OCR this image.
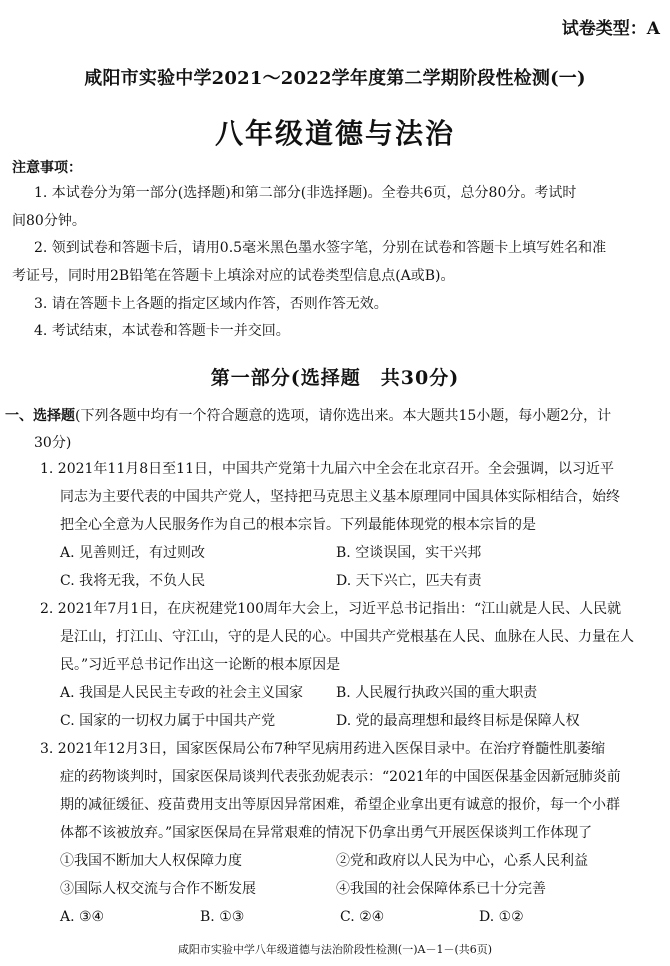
试卷类型：A
咸阳市实验中学2021～2022学年度第二学期阶段性检测(一)
八年级道德与法治
注意事项：
1. 本试卷分为第一部分(选择题)和第二部分(非选择题)。全卷共6页，总分80分。考试时
间80分钟。
2. 领到试卷和答题卡后，请用0.5毫米黑色墨水签字笔，分别在试卷和答题卡上填写姓名和准
考证号，同时用2B铅笔在答题卡上填涂对应的试卷类型信息点(A或B)。
3. 请在答题卡上各题的指定区域内作答，否则作答无效。
4. 考试结束，本试卷和答题卡一并交回。
第一部分(选择题　共30分)
一、选择题(下列各题中均有一个符合题意的选项，请你选出来。本大题共15小题，每小题2分，计
30分)
1. 2021年11月8日至11日，中国共产党第十九届六中全会在北京召开。全会强调，以习近平
同志为主要代表的中国共产党人，坚持把马克思主义基本原理同中国具体实际相结合，始终
把全心全意为人民服务作为自己的根本宗旨。下列最能体现党的根本宗旨的是
A. 见善则迁，有过则改	B. 空谈误国，实干兴邦
C. 我将无我，不负人民	D. 天下兴亡，匹夫有责
2. 2021年7月1日，在庆祝建党100周年大会上，习近平总书记指出：“江山就是人民、人民就
是江山，打江山、守江山，守的是人民的心。中国共产党根基在人民、血脉在人民、力量在人
民。”习近平总书记作出这一论断的根本原因是
A. 我国是人民民主专政的社会主义国家 B. 人民履行执政兴国的重大职责
C. 国家的一切权力属于中国共产党	D. 党的最高理想和最终目标是保障人权
3. 2021年12月3日，国家医保局公布7种罕见病用药进入医保目录中。在治疗脊髓性肌萎缩
症的药物谈判时，国家医保局谈判代表张劲妮表示：“2021年的中国医保基金因新冠肺炎前
期的减征缓征、疫苗费用支出等原因异常困难，希望企业拿出更有诚意的报价，每一个小群
体都不该被放弃。”国家医保局在异常艰难的情况下仍拿出勇气开展医保谈判工作体现了
①我国不断加大人权保障力度	②党和政府以人民为中心，心系人民利益
③国际人权交流与合作不断发展	④我国的社会保障体系已十分完善
A. ③④	B. ①③	C. ②④	D. ①②
咸阳市实验中学八年级道德与法治阶段性检测(一)A－1－(共6页)
